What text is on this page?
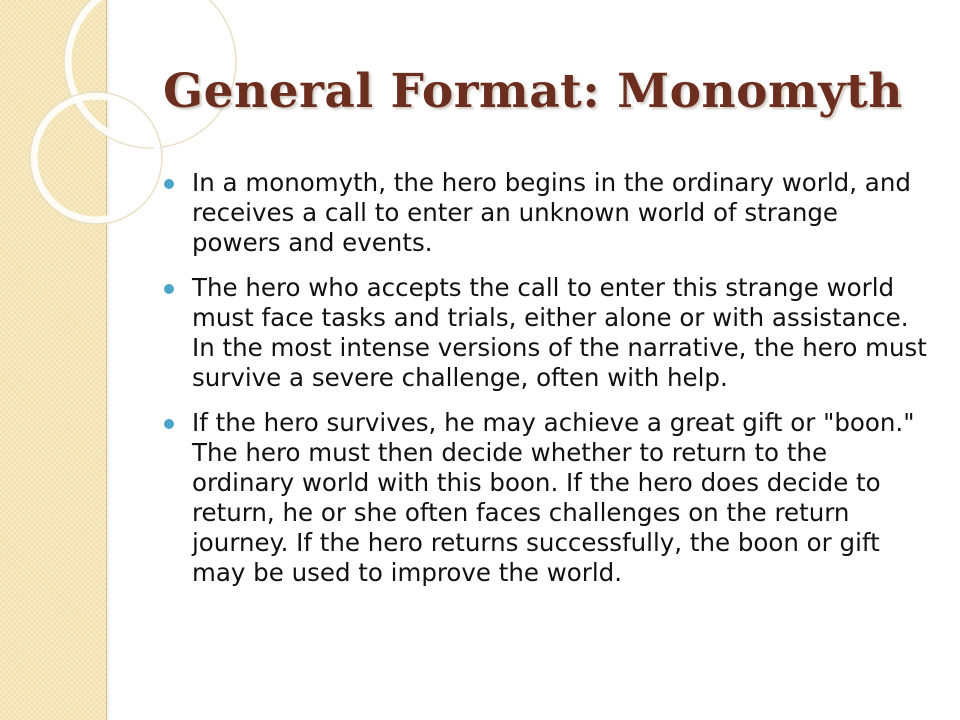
General Format: Monomyth
In a monomyth, the hero begins in the ordinary world, and receives a call to enter an unknown world of strange powers and events.
The hero who accepts the call to enter this strange world must face tasks and trials, either alone or with assistance. In the most intense versions of the narrative, the hero must survive a severe challenge, often with help.
If the hero survives, he may achieve a great gift or "boon." The hero must then decide whether to return to the ordinary world with this boon. If the hero does decide to return, he or she often faces challenges on the return journey. If the hero returns successfully, the boon or gift may be used to improve the world.
